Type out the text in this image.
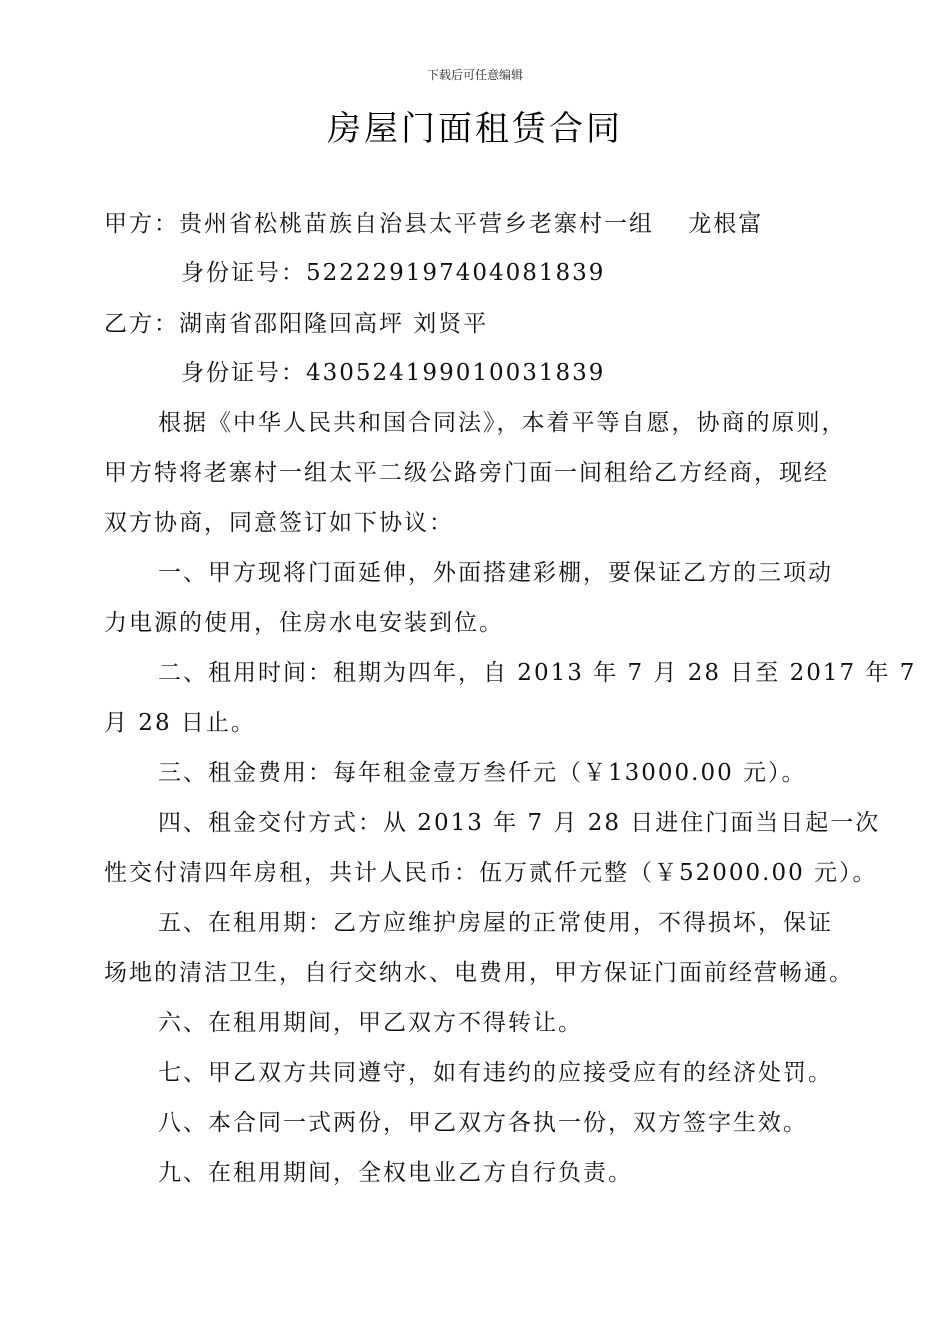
下载后可任意编辑
房屋门面租赁合同
甲方：贵州省松桃苗族自治县太平营乡老寨村一组　 龙根富
身份证号：522229197404081839
乙方：湖南省邵阳隆回高坪 刘贤平
身份证号：430524199010031839
根据《中华人民共和国合同法》，本着平等自愿，协商的原则，
甲方特将老寨村一组太平二级公路旁门面一间租给乙方经商，现经
双方协商，同意签订如下协议：
一、甲方现将门面延伸，外面搭建彩棚，要保证乙方的三项动
力电源的使用，住房水电安装到位。
二、租用时间：租期为四年，自 2013 年 7 月 28 日至 2017 年 7
月 28 日止。
三、租金费用：每年租金壹万叁仟元（￥13000.00 元）。
四、租金交付方式：从 2013 年 7 月 28 日进住门面当日起一次
性交付清四年房租，共计人民币：伍万贰仟元整（￥52000.00 元）。
五、在租用期：乙方应维护房屋的正常使用，不得损坏，保证
场地的清洁卫生，自行交纳水、电费用，甲方保证门面前经营畅通。
六、在租用期间，甲乙双方不得转让。
七、甲乙双方共同遵守，如有违约的应接受应有的经济处罚。
八、本合同一式两份，甲乙双方各执一份，双方签字生效。
九、在租用期间，全权电业乙方自行负责。
